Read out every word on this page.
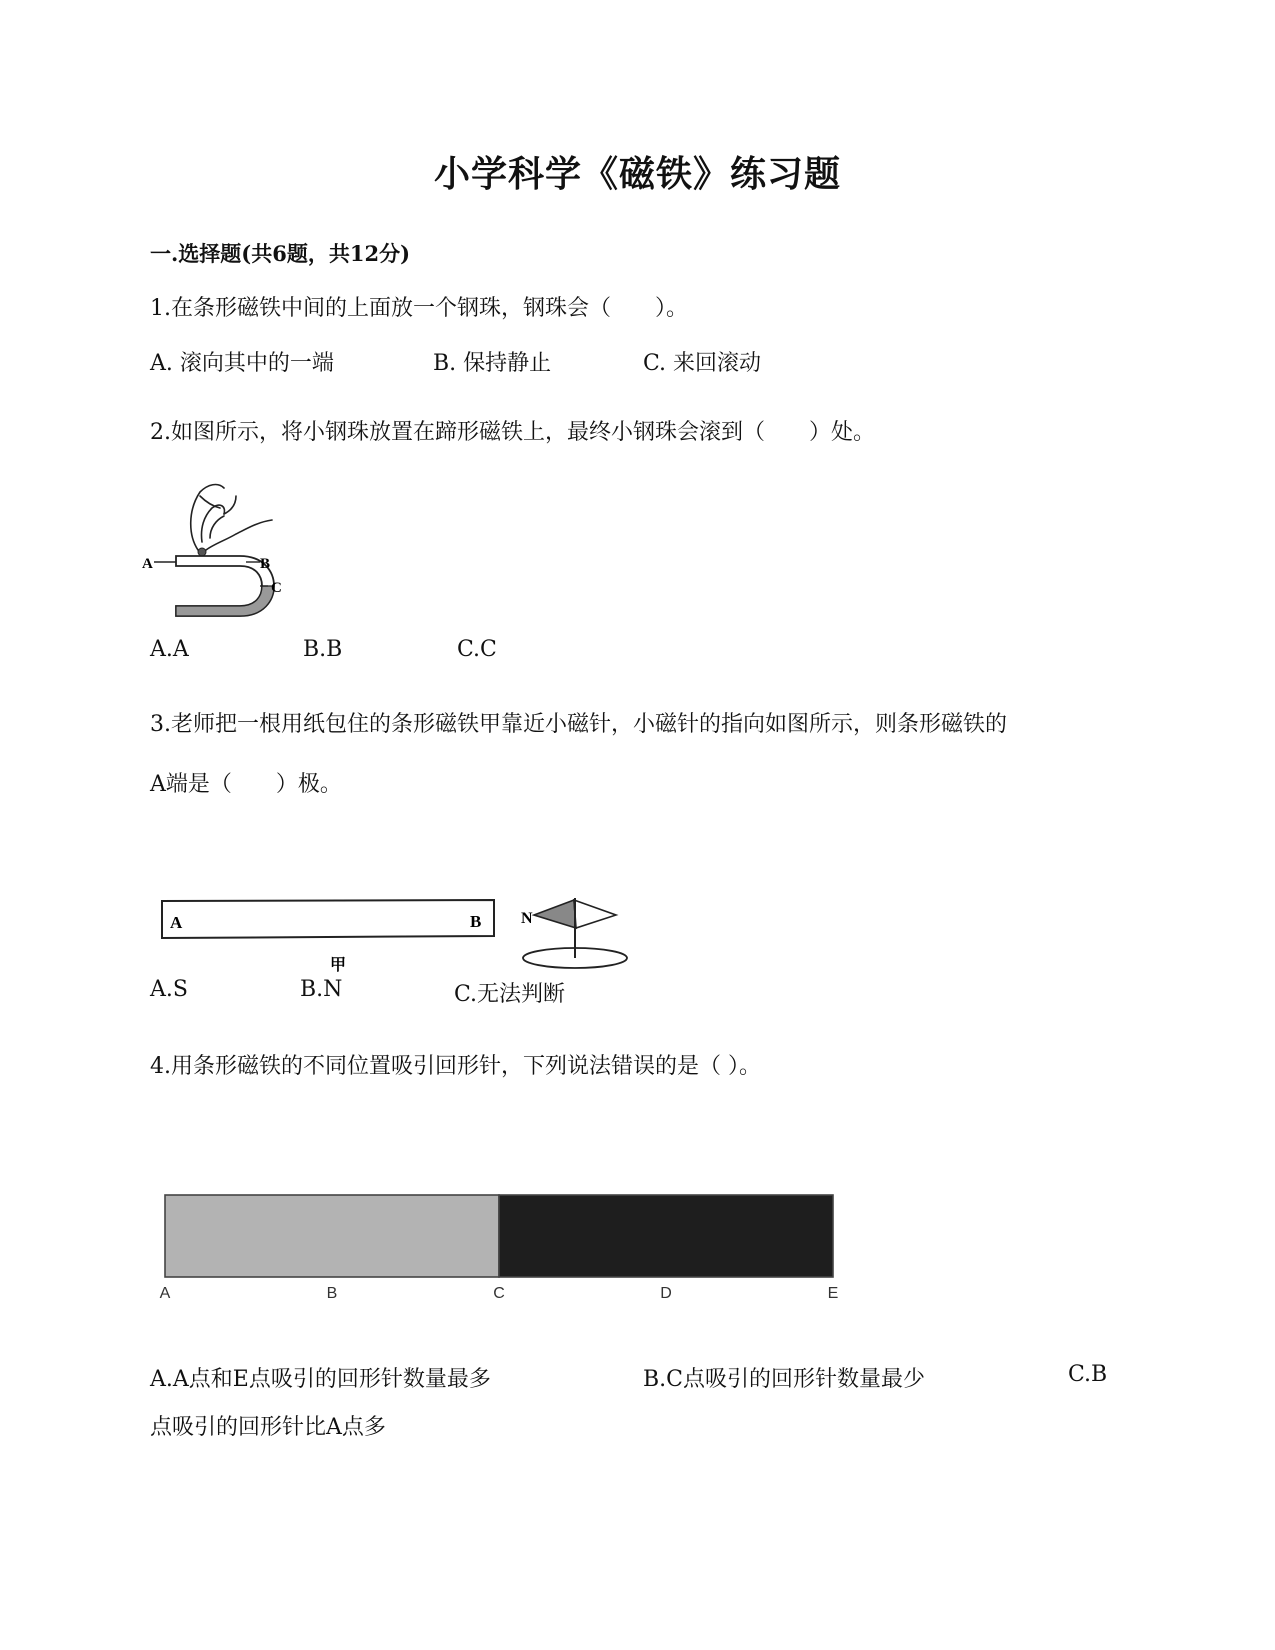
小学科学《磁铁》练习题
一.选择题(共6题，共12分)
1.在条形磁铁中间的上面放一个钢珠，钢珠会（　　）。
A. 滚向其中的一端	B. 保持静止	C. 来回滚动
2.如图所示，将小钢珠放置在蹄形磁铁上，最终小钢珠会滚到（　　）处。
A	B
C
A.A	B.B	C.C
3.老师把一根用纸包住的条形磁铁甲靠近小磁针，小磁针的指向如图所示，则条形磁铁的
A端是（　　）极。
A	B
甲
N
A.S	B.N	C.无法判断
4.用条形磁铁的不同位置吸引回形针，下列说法错误的是（ ）。
A	B	C	D	E
A.A点和E点吸引的回形针数量最多	B.C点吸引的回形针数量最少	C.B
点吸引的回形针比A点多
